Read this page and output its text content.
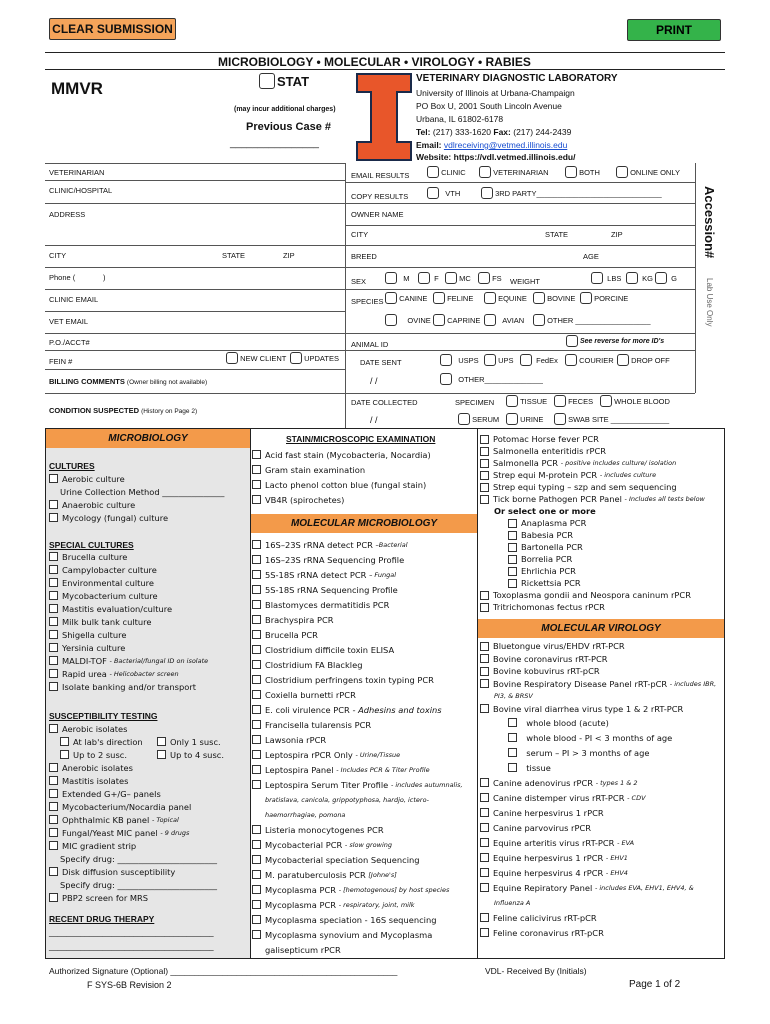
CLEAR SUBMISSION	PRINT
MICROBIOLOGY • MOLECULAR • VIROLOGY • RABIES
MMVR	STAT
(may incur additional charges)
Previous Case #
________________
VETERINARY DIAGNOSTIC LABORATORY
University of Illinois at Urbana-Champaign
PO Box U, 2001 South Lincoln Avenue
Urbana, IL 61802-6178
Tel: (217) 333-1620 Fax: (217) 244-2439
Email: vdlreceiving@vetmed.illinois.edu
Website: https://vdl.vetmed.illinois.edu/
VETERINARIAN
CLINIC/HOSPITAL
ADDRESS
CITY	STATE	ZIP
Phone (	)
CLINIC EMAIL
VET EMAIL
P.O./ACCT#
FEIN #
	NEW CLIENT
UPDATES
BILLING COMMENTS (Owner billing not available)
CONDITION SUSPECTED (History on Page 2)
EMAIL RESULTS
	CLINIC
	VETERINARIAN
	BOTH
	ONLINE ONLY
COPY RESULTS
	VTH
	3RD PARTY______________________________
OWNER NAME
CITY	STATE	ZIP
BREED	AGE
SEX
	M
	F
	MC
	FS WEIGHT
	LBS
	KG
G
SPECIES
CANINE
	FELINE
	EQUINE
	BOVINE
PORCINE

OVINE
CAPRINE
	AVIAN
	OTHER __________________
ANIMAL ID
	See reverse for more ID's
DATE SENT
/ /

USPS
	UPS
	FedEx
	COURIER
DROP OFF

OTHER______________
DATE COLLECTED
/ /
SPECIMEN
	TISSUE
	FECES
	WHOLE BLOOD

SERUM
	URINE
	SWAB SITE ______________
Accession#
Lab Use Only
MICROBIOLOGY
CULTURES
Aerobic culture
Urine Collection Method _______________
Anaerobic culture
Mycology (fungal) culture
SPECIAL CULTURES
Brucella culture
Campylobacter culture
Environmental culture
Mycobacterium culture
Mastitis evaluation/culture
Milk bulk tank culture
Shigella culture
Yersinia culture
MALDI-TOF
- Bacterial/fungal ID on isolate
Rapid urea
- Helicobacter screen
Isolate banking and/or transport
SUSCEPTIBILITY TESTING
Aerobic isolates
At lab's direction	Only 1 susc.
Up to 2 susc.	Up to 4 susc.
Anerobic isolates
Mastitis isolates
Extended G+/G– panels
Mycobacterium/Nocardia panel
Ophthalmic KB panel
- Topical
Fungal/Yeast MIC panel
- 9 drugs
MIC gradient strip
Specify drug: ________________________
Disk diffusion susceptibility
Specify drug: ________________________
PBP2 screen for MRS
RECENT DRUG THERAPY
_____________________________________
_____________________________________
STAIN/MICROSCOPIC EXAMINATION
Acid fast stain (Mycobacteria, Nocardia)
Gram stain examination
Lacto phenol cotton blue (fungal stain)
VB4R (spirochetes)
MOLECULAR MICROBIOLOGY
16S–23S rRNA detect PCR
–Bacterial
16S–23S rRNA Sequencing Profile
5S-18S rRNA detect PCR
– Fungal
5S-18S rRNA Sequencing Profile
Blastomyces dermatitidis PCR
Brachyspira PCR
Brucella PCR
Clostridium difficile toxin ELISA
Clostridium FA Blackleg
Clostridium perfringens toxin typing PCR
Coxiella burnetti rPCR
E. coli virulence PCR
- Adhesins and toxins
Francisella tularensis PCR
Lawsonia rPCR
Leptospira rPCR Only
- Urine/Tissue
Leptospira Panel
- Includes PCR & Titer Profile
Leptospira Serum Titer Profile
- includes autumnalis,
bratislava, canicola, grippotyphosa, hardjo, ictero-
haemorrhagiae, pomona
Listeria monocytogenes PCR
Mycobacterial PCR
- slow growing
Mycobacterial speciation Sequencing
M. paratuberculosis PCR
[Johne's]
Mycoplasma PCR
- [hemotogenous] by host species
Mycoplasma PCR
- respiratory, joint, milk
Mycoplasma speciation - 16S sequencing
Mycoplasma synovium and Mycoplasma
galisepticum rPCR
Potomac Horse fever PCR
Salmonella enteritidis rPCR
Salmonella PCR
- positive includes culture/ isolation
Strep equi M-protein PCR
- includes culture
Strep equi typing – szp and sem sequencing
Tick borne Pathogen PCR Panel
- Includes all tests below
Or select one or more
Anaplasma PCR
Babesia PCR
Bartonella PCR
Borrelia PCR
Ehrlichia PCR
Rickettsia PCR
Toxoplasma gondii and Neospora caninum rPCR
Tritrichomonas fectus rPCR
MOLECULAR VIROLOGY
Bluetongue virus/EHDV rRT-PCR
Bovine coronavirus rRT-PCR
Bovine kobuvirus rRT-pCR
Bovine Respiratory Disease Panel rRT-pCR
- includes IBR,
PI3, & BRSV
Bovine viral diarrhea virus type 1 & 2 rRT-PCR

whole blood (acute)

whole blood - PI < 3 months of age

serum – PI > 3 months of age

tissue
Canine adenovirus rPCR
- types 1 & 2
Canine distemper virus rRT-PCR
- CDV
Canine herpesvirus 1 rPCR
Canine parvovirus rPCR
Equine arteritis virus rRT-PCR
- EVA
Equine herpesvirus 1 rPCR
- EHV1
Equine herpesvirus 4 rPCR
- EHV4
Equine Repiratory Panel
- includes EVA, EHV1, EHV4, &
Influenza A
Feline calicivirus rRT-pCR
Feline coronavirus rRT-pCR
Authorized Signature (Optional) ________________________________________________	VDL- Received By (Initials)
F SYS-6B Revision 2	Page 1 of 2
